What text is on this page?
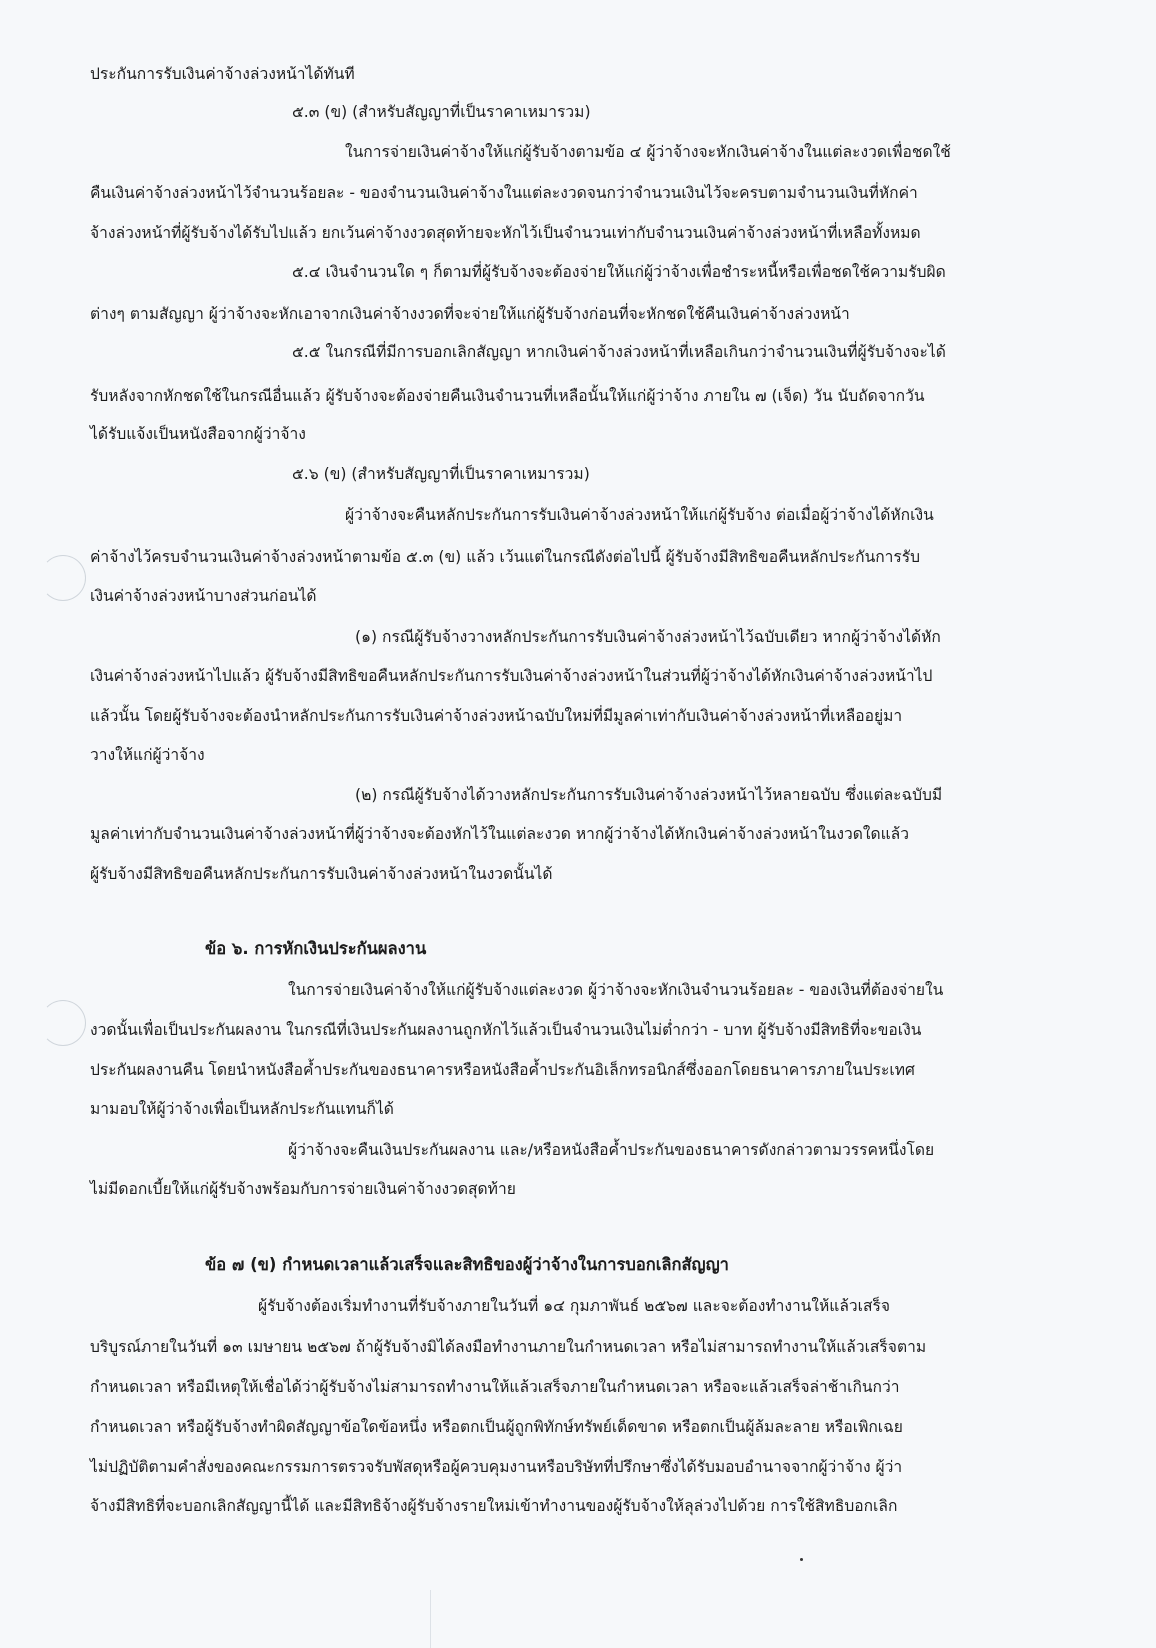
ประกันการรับเงินค่าจ้างล่วงหน้าได้ทันที

๕.๓ (ข) (สำหรับสัญญาที่เป็นราคาเหมารวม)

ในการจ่ายเงินค่าจ้างให้แก่ผู้รับจ้างตามข้อ ๔ ผู้ว่าจ้างจะหักเงินค่าจ้างในแต่ละงวดเพื่อชดใช้

คืนเงินค่าจ้างล่วงหน้าไว้จำนวนร้อยละ - ของจำนวนเงินค่าจ้างในแต่ละงวดจนกว่าจำนวนเงินไว้จะครบตามจำนวนเงินที่หักค่า

จ้างล่วงหน้าที่ผู้รับจ้างได้รับไปแล้ว ยกเว้นค่าจ้างงวดสุดท้ายจะหักไว้เป็นจำนวนเท่ากับจำนวนเงินค่าจ้างล่วงหน้าที่เหลือทั้งหมด

๕.๔ เงินจำนวนใด ๆ ก็ตามที่ผู้รับจ้างจะต้องจ่ายให้แก่ผู้ว่าจ้างเพื่อชำระหนี้หรือเพื่อชดใช้ความรับผิด

ต่างๆ ตามสัญญา ผู้ว่าจ้างจะหักเอาจากเงินค่าจ้างงวดที่จะจ่ายให้แก่ผู้รับจ้างก่อนที่จะหักชดใช้คืนเงินค่าจ้างล่วงหน้า

๕.๕ ในกรณีที่มีการบอกเลิกสัญญา หากเงินค่าจ้างล่วงหน้าที่เหลือเกินกว่าจำนวนเงินที่ผู้รับจ้างจะได้

รับหลังจากหักชดใช้ในกรณีอื่นแล้ว ผู้รับจ้างจะต้องจ่ายคืนเงินจำนวนที่เหลือนั้นให้แก่ผู้ว่าจ้าง ภายใน ๗ (เจ็ด) วัน นับถัดจากวัน

ได้รับแจ้งเป็นหนังสือจากผู้ว่าจ้าง

๕.๖ (ข) (สำหรับสัญญาที่เป็นราคาเหมารวม)

ผู้ว่าจ้างจะคืนหลักประกันการรับเงินค่าจ้างล่วงหน้าให้แก่ผู้รับจ้าง ต่อเมื่อผู้ว่าจ้างได้หักเงิน

ค่าจ้างไว้ครบจำนวนเงินค่าจ้างล่วงหน้าตามข้อ ๕.๓ (ข) แล้ว เว้นแต่ในกรณีดังต่อไปนี้ ผู้รับจ้างมีสิทธิขอคืนหลักประกันการรับ

เงินค่าจ้างล่วงหน้าบางส่วนก่อนได้

(๑) กรณีผู้รับจ้างวางหลักประกันการรับเงินค่าจ้างล่วงหน้าไว้ฉบับเดียว หากผู้ว่าจ้างได้หัก

เงินค่าจ้างล่วงหน้าไปแล้ว ผู้รับจ้างมีสิทธิขอคืนหลักประกันการรับเงินค่าจ้างล่วงหน้าในส่วนที่ผู้ว่าจ้างได้หักเงินค่าจ้างล่วงหน้าไป

แล้วนั้น โดยผู้รับจ้างจะต้องนำหลักประกันการรับเงินค่าจ้างล่วงหน้าฉบับใหม่ที่มีมูลค่าเท่ากับเงินค่าจ้างล่วงหน้าที่เหลืออยู่มา

วางให้แก่ผู้ว่าจ้าง

(๒) กรณีผู้รับจ้างได้วางหลักประกันการรับเงินค่าจ้างล่วงหน้าไว้หลายฉบับ ซึ่งแต่ละฉบับมี

มูลค่าเท่ากับจำนวนเงินค่าจ้างล่วงหน้าที่ผู้ว่าจ้างจะต้องหักไว้ในแต่ละงวด หากผู้ว่าจ้างได้หักเงินค่าจ้างล่วงหน้าในงวดใดแล้ว

ผู้รับจ้างมีสิทธิขอคืนหลักประกันการรับเงินค่าจ้างล่วงหน้าในงวดนั้นได้

ข้อ ๖. การหักเงินประกันผลงาน

ในการจ่ายเงินค่าจ้างให้แก่ผู้รับจ้างแต่ละงวด ผู้ว่าจ้างจะหักเงินจำนวนร้อยละ - ของเงินที่ต้องจ่ายใน

งวดนั้นเพื่อเป็นประกันผลงาน ในกรณีที่เงินประกันผลงานถูกหักไว้แล้วเป็นจำนวนเงินไม่ต่ำกว่า - บาท ผู้รับจ้างมีสิทธิที่จะขอเงิน

ประกันผลงานคืน โดยนำหนังสือค้ำประกันของธนาคารหรือหนังสือค้ำประกันอิเล็กทรอนิกส์ซึ่งออกโดยธนาคารภายในประเทศ

มามอบให้ผู้ว่าจ้างเพื่อเป็นหลักประกันแทนก็ได้

ผู้ว่าจ้างจะคืนเงินประกันผลงาน และ/หรือหนังสือค้ำประกันของธนาคารดังกล่าวตามวรรคหนึ่งโดย

ไม่มีดอกเบี้ยให้แก่ผู้รับจ้างพร้อมกับการจ่ายเงินค่าจ้างงวดสุดท้าย

ข้อ ๗ (ข) กำหนดเวลาแล้วเสร็จและสิทธิของผู้ว่าจ้างในการบอกเลิกสัญญา

ผู้รับจ้างต้องเริ่มทำงานที่รับจ้างภายในวันที่ ๑๔ กุมภาพันธ์ ๒๕๖๗ และจะต้องทำงานให้แล้วเสร็จ

บริบูรณ์ภายในวันที่ ๑๓ เมษายน ๒๕๖๗ ถ้าผู้รับจ้างมิได้ลงมือทำงานภายในกำหนดเวลา หรือไม่สามารถทำงานให้แล้วเสร็จตาม

กำหนดเวลา หรือมีเหตุให้เชื่อได้ว่าผู้รับจ้างไม่สามารถทำงานให้แล้วเสร็จภายในกำหนดเวลา หรือจะแล้วเสร็จล่าช้าเกินกว่า

กำหนดเวลา หรือผู้รับจ้างทำผิดสัญญาข้อใดข้อหนึ่ง หรือตกเป็นผู้ถูกพิทักษ์ทรัพย์เด็ดขาด หรือตกเป็นผู้ล้มละลาย หรือเพิกเฉย

ไม่ปฏิบัติตามคำสั่งของคณะกรรมการตรวจรับพัสดุหรือผู้ควบคุมงานหรือบริษัทที่ปรึกษาซึ่งได้รับมอบอำนาจจากผู้ว่าจ้าง ผู้ว่า

จ้างมีสิทธิที่จะบอกเลิกสัญญานี้ได้ และมีสิทธิจ้างผู้รับจ้างรายใหม่เข้าทำงานของผู้รับจ้างให้ลุล่วงไปด้วย การใช้สิทธิบอกเลิก
